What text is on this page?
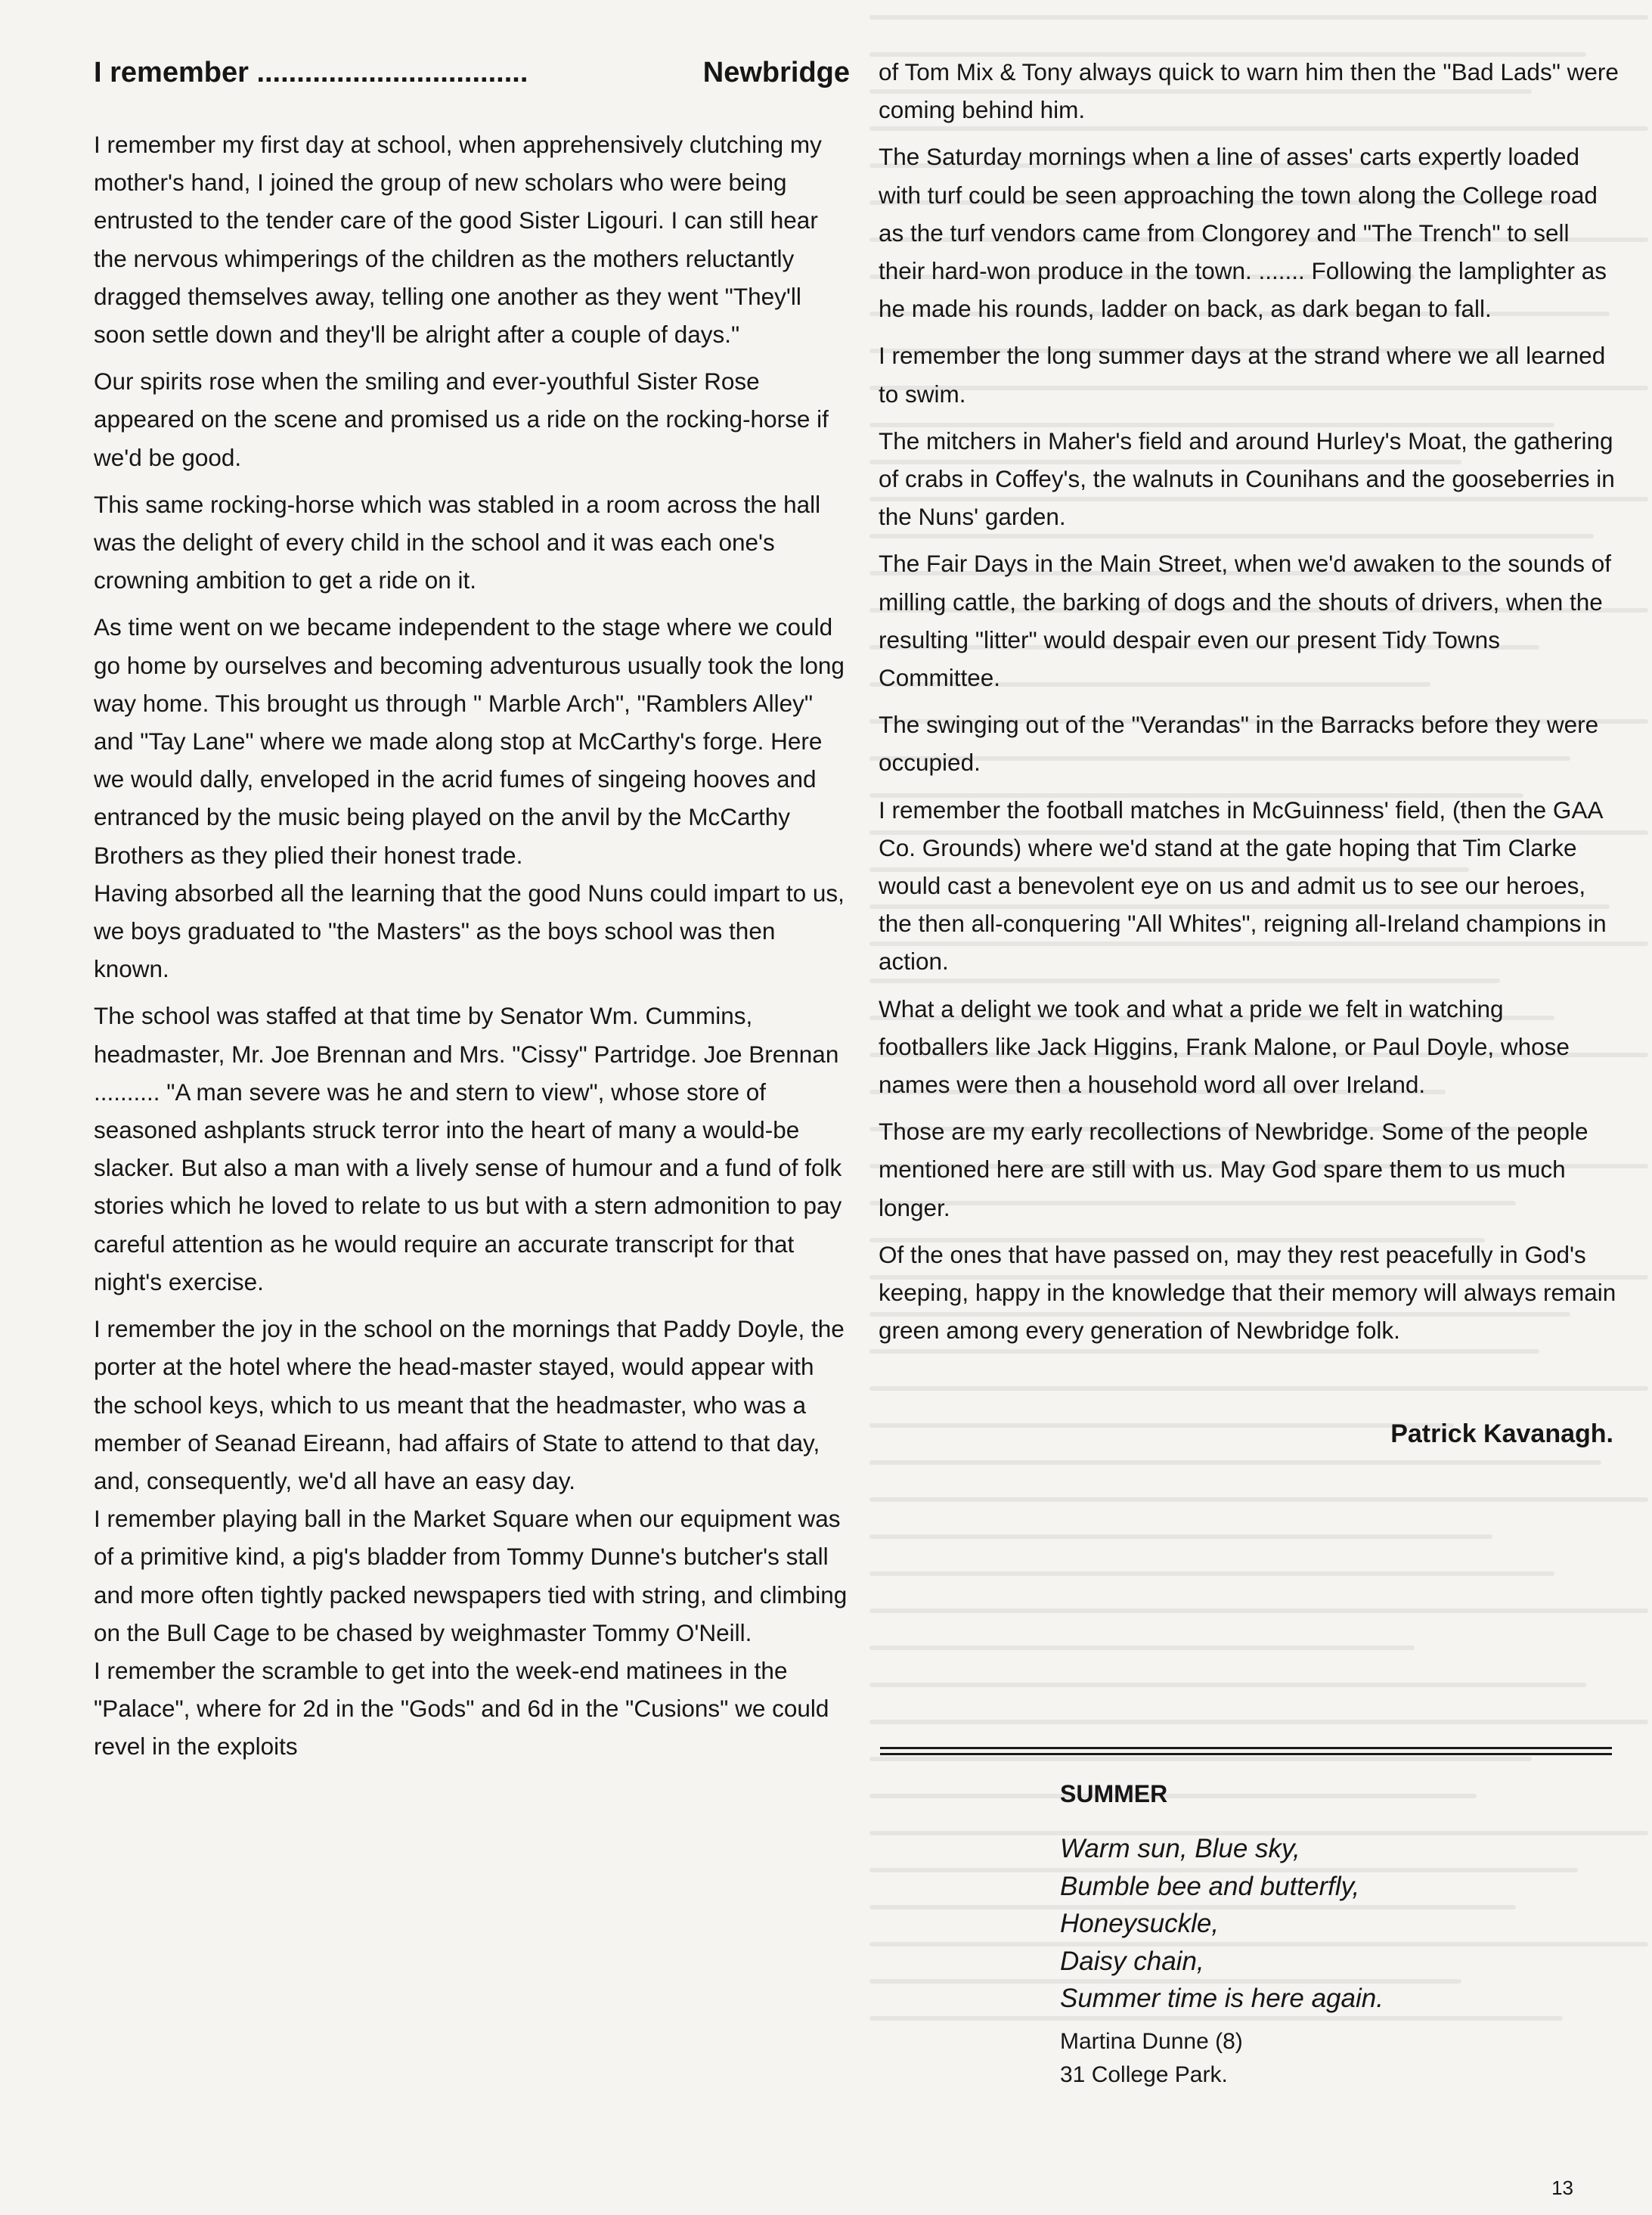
I remember ..................................	Newbridge

I remember my first day at school, when apprehensively clutching my mother's hand, I joined the group of new scholars who were being entrusted to the tender care of the good Sister Ligouri. I can still hear the nervous whimperings of the children as the mothers reluctantly dragged themselves away, telling one another as they went "They'll soon settle down and they'll be alright after a couple of days."

Our spirits rose when the smiling and ever-youthful Sister Rose appeared on the scene and promised us a ride on the rocking-horse if we'd be good.

This same rocking-horse which was stabled in a room across the hall was the delight of every child in the school and it was each one's crowning ambition to get a ride on it.

As time went on we became independent to the stage where we could go home by ourselves and becoming adventurous usually took the long way home. This brought us through " Marble Arch", "Ramblers Alley" and "Tay Lane" where we made along stop at McCarthy's forge. Here we would dally, enveloped in the acrid fumes of singeing hooves and entranced by the music being played on the anvil by the McCarthy Brothers as they plied their honest trade.
Having absorbed all the learning that the good Nuns could impart to us, we boys graduated to "the Masters" as the boys school was then known.

The school was staffed at that time by Senator Wm. Cummins, headmaster, Mr. Joe Brennan and Mrs. "Cissy" Partridge. Joe Brennan .......... "A man severe was he and stern to view", whose store of seasoned ashplants struck terror into the heart of many a would-be slacker. But also a man with a lively sense of humour and a fund of folk stories which he loved to relate to us but with a stern admonition to pay careful attention as he would require an accurate transcript for that night's exercise.

I remember the joy in the school on the mornings that Paddy Doyle, the porter at the hotel where the head-master stayed, would appear with the school keys, which to us meant that the headmaster, who was a member of Seanad Eireann, had affairs of State to attend to that day, and, consequently, we'd all have an easy day.
I remember playing ball in the Market Square when our equipment was of a primitive kind, a pig's bladder from Tommy Dunne's butcher's stall and more often tightly packed newspapers tied with string, and climbing on the Bull Cage to be chased by weighmaster Tommy O'Neill.
I remember the scramble to get into the week-end matinees in the "Palace", where for 2d in the "Gods" and 6d in the "Cusions" we could revel in the exploits

of Tom Mix & Tony always quick to warn him then the "Bad Lads" were coming behind him.

The Saturday mornings when a line of asses' carts expertly loaded with turf could be seen approaching the town along the College road as the turf vendors came from Clongorey and "The Trench" to sell their hard-won produce in the town. ....... Following the lamplighter as he made his rounds, ladder on back, as dark began to fall.

I remember the long summer days at the strand where we all learned to swim.

The mitchers in Maher's field and around Hurley's Moat, the gathering of crabs in Coffey's, the walnuts in Counihans and the gooseberries in the Nuns' garden.

The Fair Days in the Main Street, when we'd awaken to the sounds of milling cattle, the barking of dogs and the shouts of drivers, when the resulting "litter" would despair even our present Tidy Towns Committee.

The swinging out of the "Verandas" in the Barracks before they were occupied.

I remember the football matches in McGuinness' field, (then the GAA Co. Grounds) where we'd stand at the gate hoping that Tim Clarke would cast a benevolent eye on us and admit us to see our heroes, the then all-conquering "All Whites", reigning all-Ireland champions in action.

What a delight we took and what a pride we felt in watching footballers like Jack Higgins, Frank Malone, or Paul Doyle, whose names were then a household word all over Ireland.

Those are my early recollections of Newbridge. Some of the people mentioned here are still with us. May God spare them to us much longer.

Of the ones that have passed on, may they rest peacefully in God's keeping, happy in the knowledge that their memory will always remain green among every generation of Newbridge folk.

Patrick Kavanagh.
SUMMER
Warm sun, Blue sky,
Bumble bee and butterfly,
Honeysuckle,
Daisy chain,
Summer time is here again.
Martina Dunne (8)
31 College Park.
13
